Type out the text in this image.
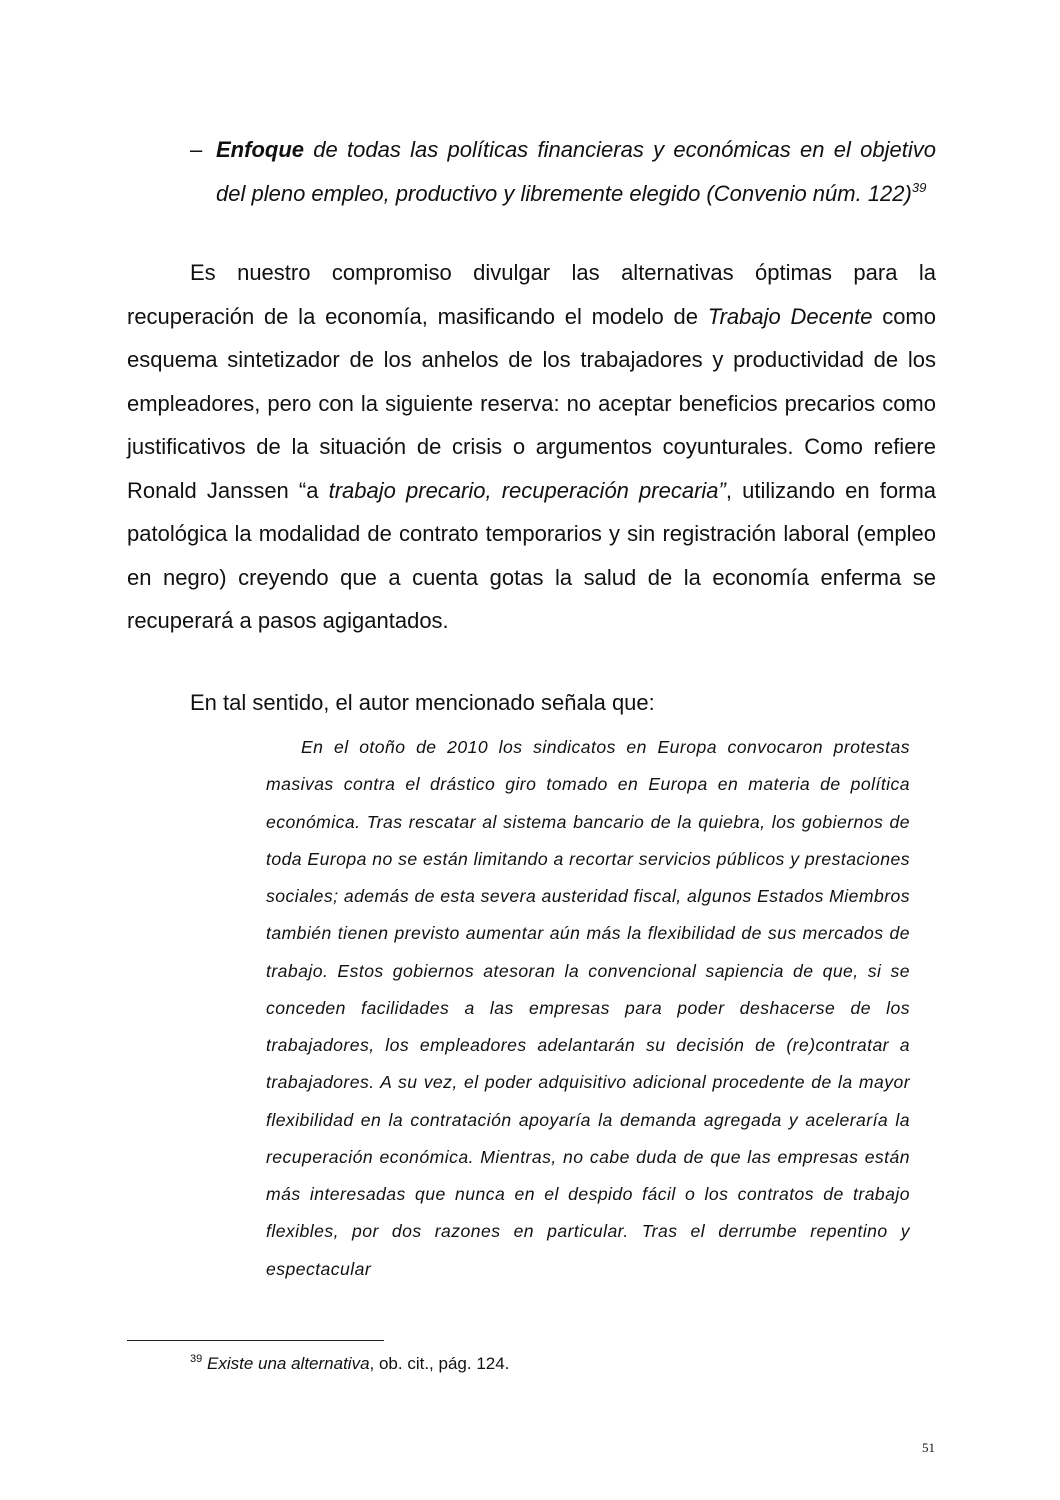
– Enfoque de todas las políticas financieras y económicas en el objetivo del pleno empleo, productivo y libremente elegido (Convenio núm. 122)$^{39}$

Es nuestro compromiso divulgar las alternativas óptimas para la recuperación de la economía, masificando el modelo de Trabajo Decente como esquema sintetizador de los anhelos de los trabajadores y productividad de los empleadores, pero con la siguiente reserva: no aceptar beneficios precarios como justificativos de la situación de crisis o argumentos coyunturales. Como refiere Ronald Janssen “a trabajo precario, recuperación precaria”, utilizando en forma patológica la modalidad de contrato temporarios y sin registración laboral (empleo en negro) creyendo que a cuenta gotas la salud de la economía enferma se recuperará a pasos agigantados.

En tal sentido, el autor mencionado señala que:

En el otoño de 2010 los sindicatos en Europa convocaron protestas masivas contra el drástico giro tomado en Europa en materia de política económica. Tras rescatar al sistema bancario de la quiebra, los gobiernos de toda Europa no se están limitando a recortar servicios públicos y prestaciones sociales; además de esta severa austeridad fiscal, algunos Estados Miembros también tienen previsto aumentar aún más la flexibilidad de sus mercados de trabajo. Estos gobiernos atesoran la convencional sapiencia de que, si se conceden facilidades a las empresas para poder deshacerse de los trabajadores, los empleadores adelantarán su decisión de (re)contratar a trabajadores. A su vez, el poder adquisitivo adicional procedente de la mayor flexibilidad en la contratación apoyaría la demanda agregada y aceleraría la recuperación económica. Mientras, no cabe duda de que las empresas están más interesadas que nunca en el despido fácil o los contratos de trabajo flexibles, por dos razones en particular. Tras el derrumbe repentino y espectacular

$^{39}$ Existe una alternativa, ob. cit., pág. 124.
51
